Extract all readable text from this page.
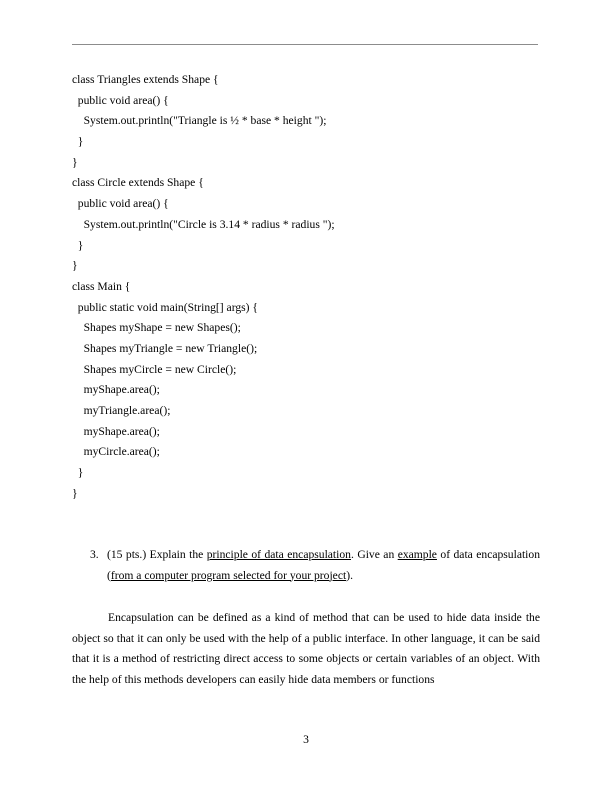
class Triangles extends Shape {
public void area() {
System.out.println("Triangle is ½ * base * height ");
}
}
class Circle extends Shape {
public void area() {
System.out.println("Circle is 3.14 * radius * radius ");
}
}
class Main {
public static void main(String[] args) {
Shapes myShape = new Shapes();
Shapes myTriangle = new Triangle();
Shapes myCircle = new Circle();
myShape.area();
myTriangle.area();
myShape.area();
myCircle.area();
}
}
3. (15 pts.) Explain the principle of data encapsulation. Give an example of data encapsulation (from a computer program selected for your project).
Encapsulation can be defined as a kind of method that can be used to hide data inside the object so that it can only be used with the help of a public interface. In other language, it can be said that it is a method of restricting direct access to some objects or certain variables of an object. With the help of this methods developers can easily hide data members or functions
3
